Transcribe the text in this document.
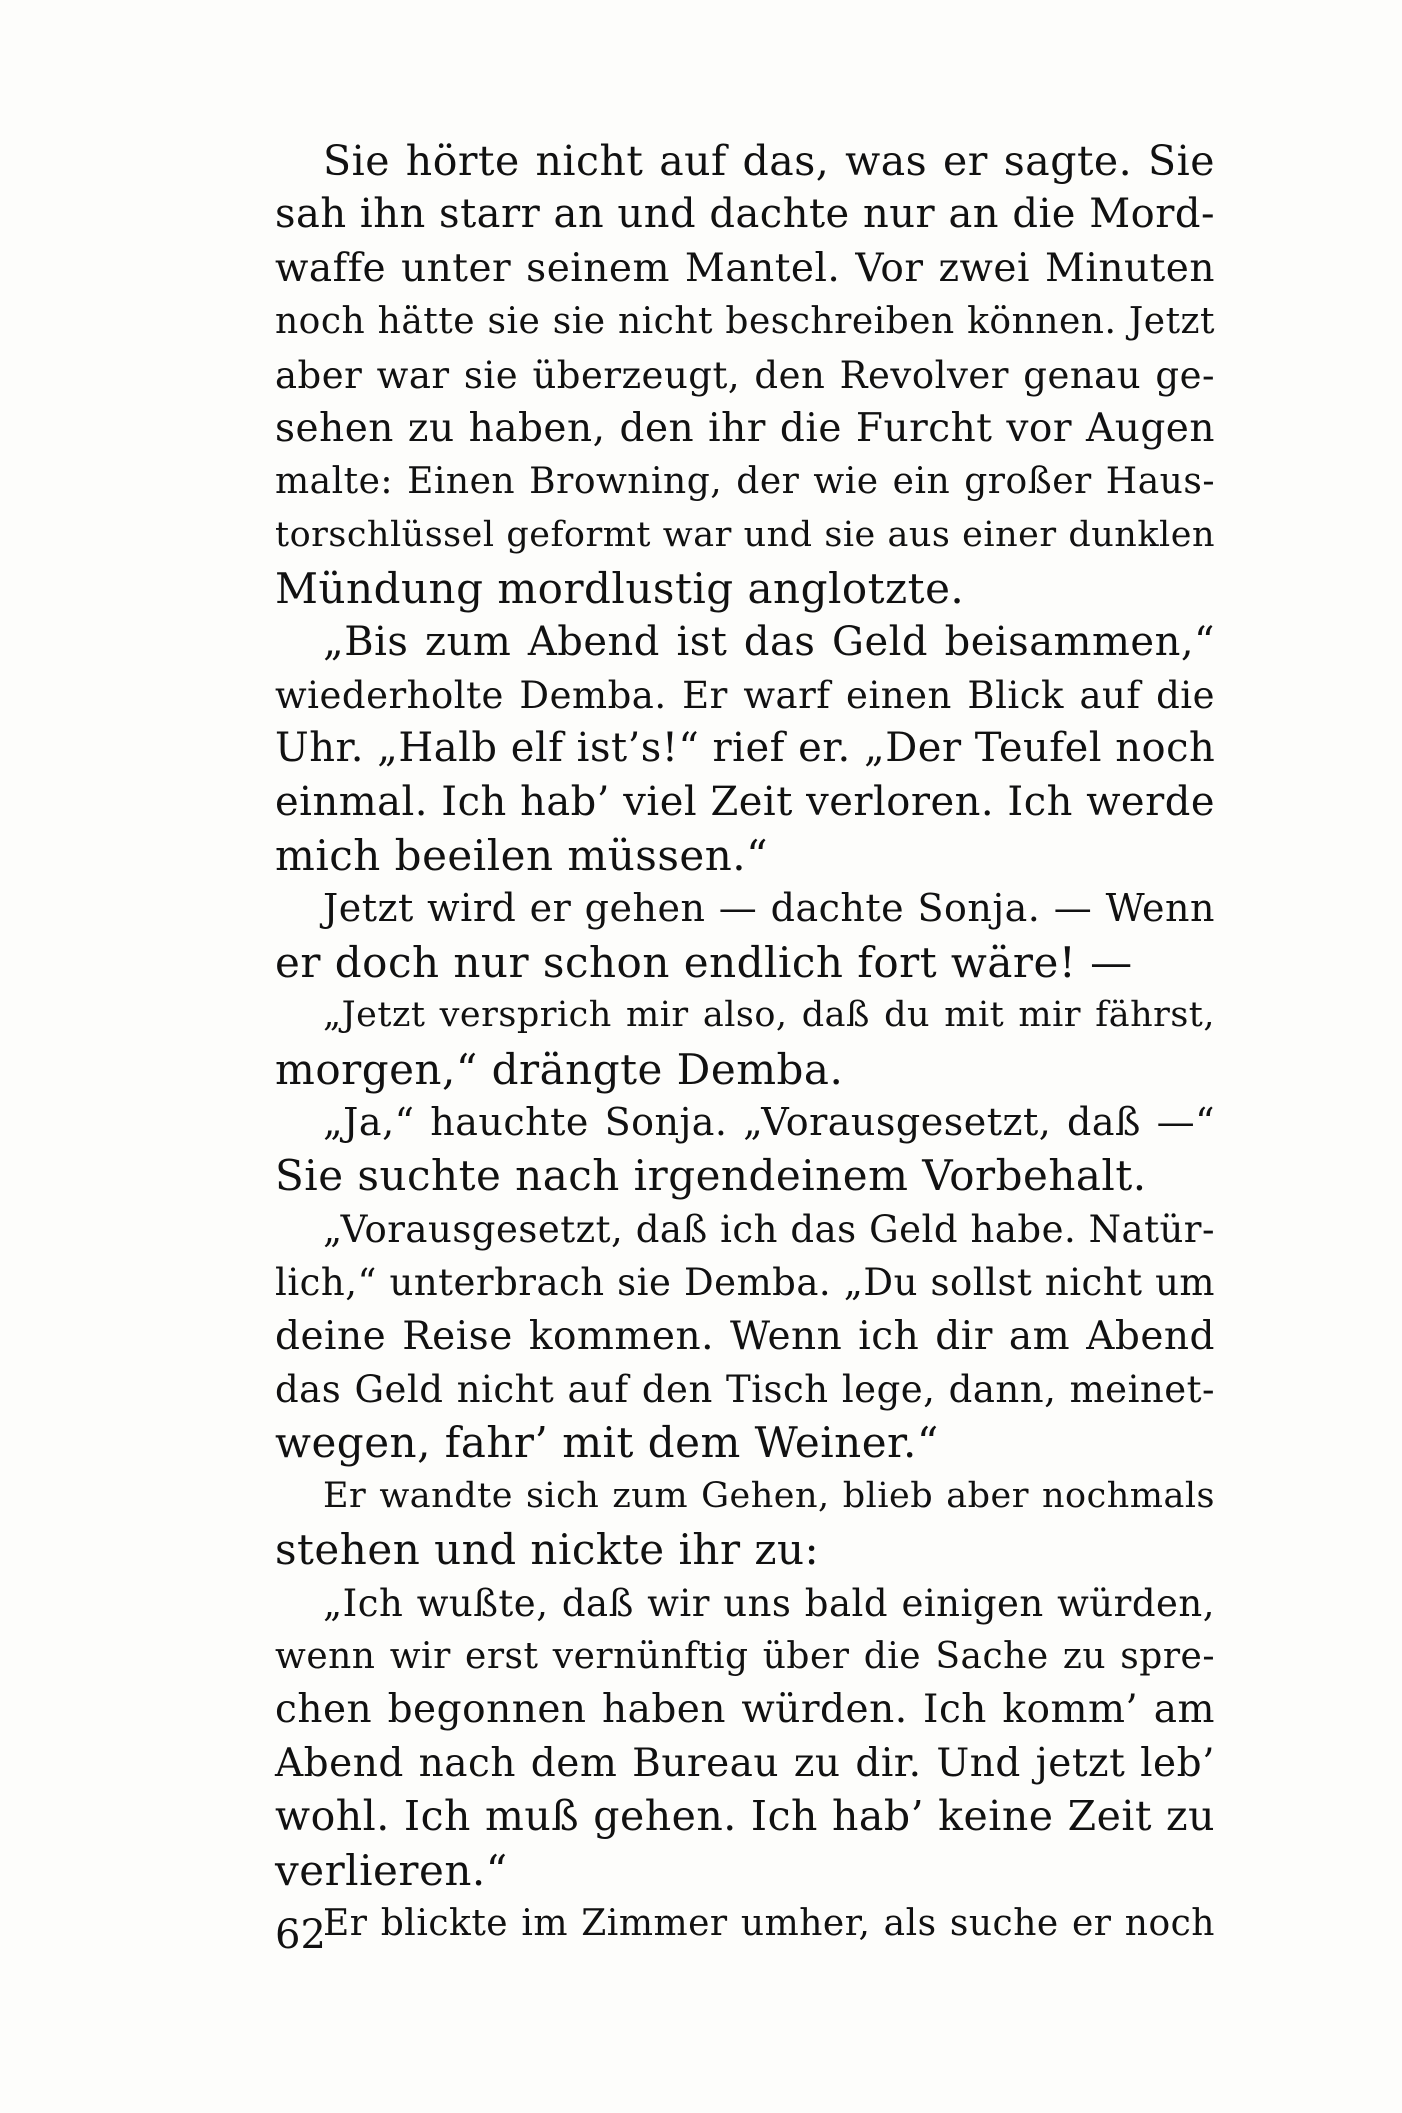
Sie hörte nicht auf das, was er sagte. Sie
sah ihn starr an und dachte nur an die Mord-
waffe unter seinem Mantel. Vor zwei Minuten
noch hätte sie sie nicht beschreiben können. Jetzt
aber war sie überzeugt, den Revolver genau ge-
sehen zu haben, den ihr die Furcht vor Augen
malte: Einen Browning, der wie ein großer Haus-
torschlüssel geformt war und sie aus einer dunklen
Mündung mordlustig anglotzte.
„Bis zum Abend ist das Geld beisammen,“
wiederholte Demba. Er warf einen Blick auf die
Uhr. „Halb elf ist’s!“ rief er. „Der Teufel noch
einmal. Ich hab’ viel Zeit verloren. Ich werde
mich beeilen müssen.“
Jetzt wird er gehen — dachte Sonja. — Wenn
er doch nur schon endlich fort wäre! —
„Jetzt versprich mir also, daß du mit mir fährst,
morgen,“ drängte Demba.
„Ja,“ hauchte Sonja. „Vorausgesetzt, daß —“
Sie suchte nach irgendeinem Vorbehalt.
„Vorausgesetzt, daß ich das Geld habe. Natür-
lich,“ unterbrach sie Demba. „Du sollst nicht um
deine Reise kommen. Wenn ich dir am Abend
das Geld nicht auf den Tisch lege, dann, meinet-
wegen, fahr’ mit dem Weiner.“
Er wandte sich zum Gehen, blieb aber nochmals
stehen und nickte ihr zu:
„Ich wußte, daß wir uns bald einigen würden,
wenn wir erst vernünftig über die Sache zu spre-
chen begonnen haben würden. Ich komm’ am
Abend nach dem Bureau zu dir. Und jetzt leb’
wohl. Ich muß gehen. Ich hab’ keine Zeit zu
verlieren.“
Er blickte im Zimmer umher, als suche er noch
62
